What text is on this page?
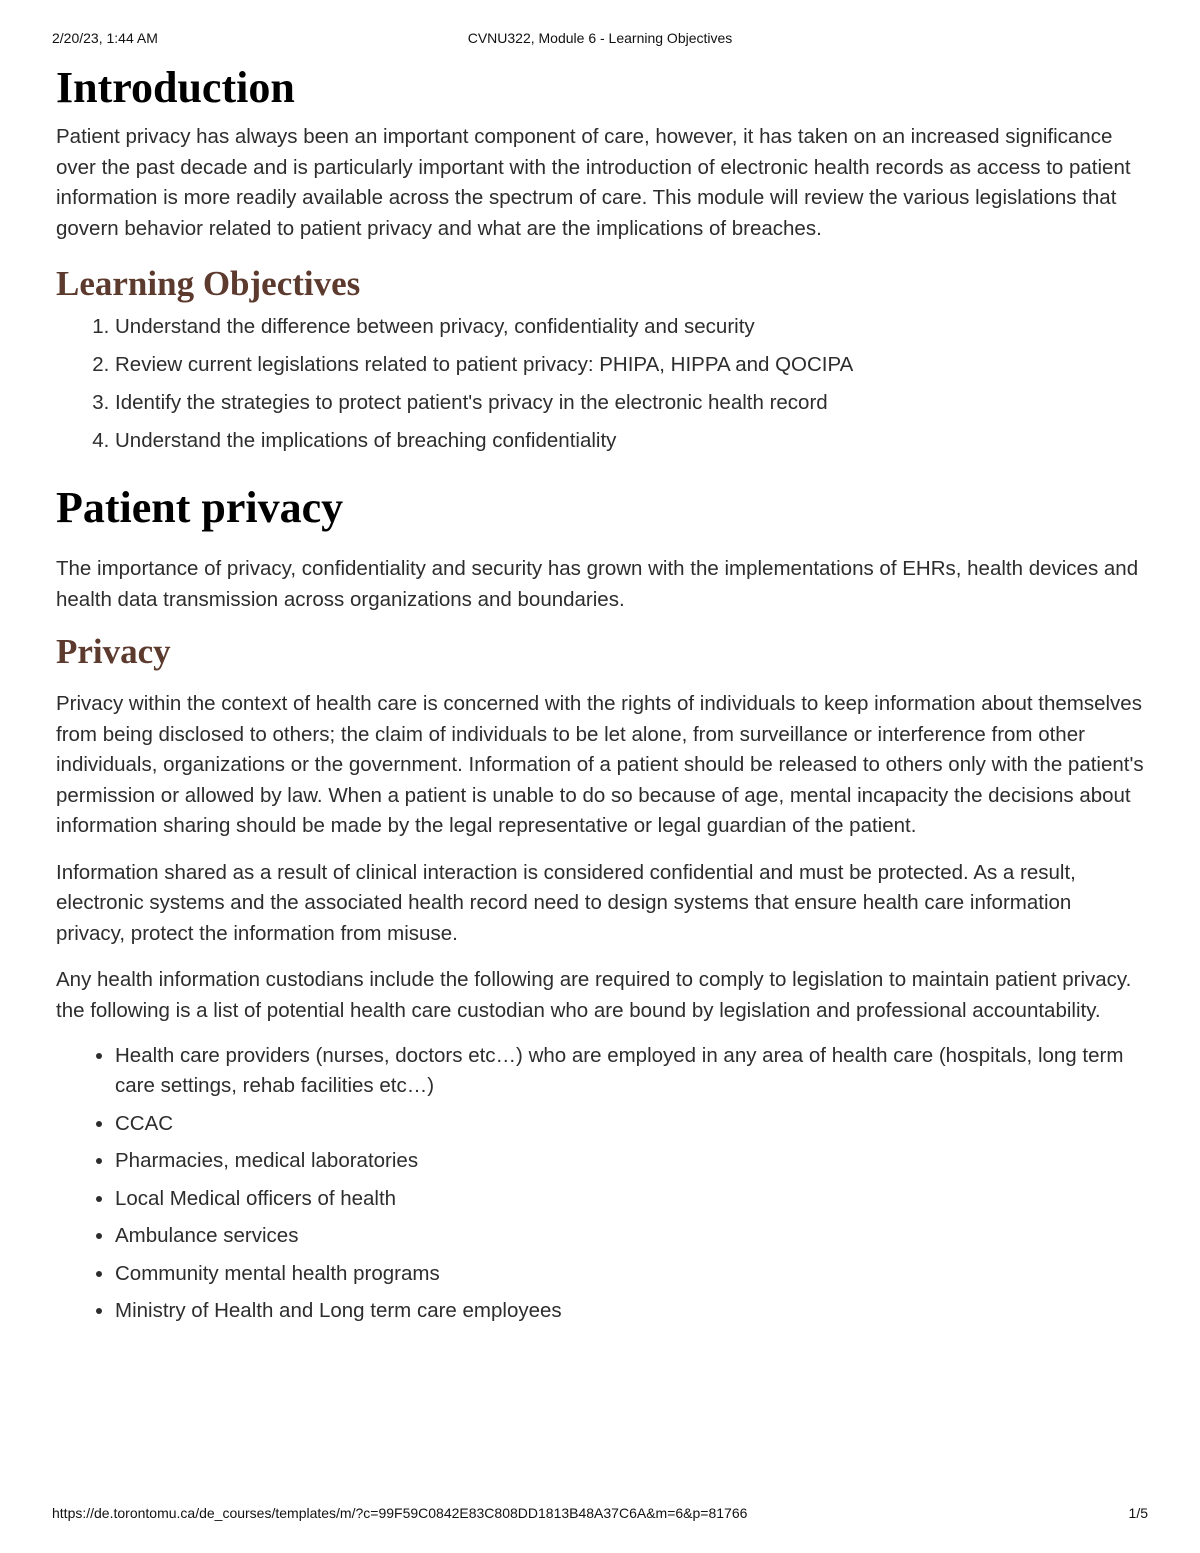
2/20/23, 1:44 AM	CVNU322, Module 6 - Learning Objectives
Introduction

Patient privacy has always been an important component of care, however, it has taken on an increased significance over the past decade and is particularly important with the introduction of electronic health records as access to patient information is more readily available across the spectrum of care. This module will review the various legislations that govern behavior related to patient privacy and what are the implications of breaches.

Learning Objectives
1. Understand the difference between privacy, confidentiality and security
2. Review current legislations related to patient privacy: PHIPA, HIPPA and QOCIPA
3. Identify the strategies to protect patient's privacy in the electronic health record
4. Understand the implications of breaching confidentiality
Patient privacy

The importance of privacy, confidentiality and security has grown with the implementations of EHRs, health devices and health data transmission across organizations and boundaries.

Privacy

Privacy within the context of health care is concerned with the rights of individuals to keep information about themselves from being disclosed to others; the claim of individuals to be let alone, from surveillance or interference from other individuals, organizations or the government. Information of a patient should be released to others only with the patient's permission or allowed by law. When a patient is unable to do so because of age, mental incapacity the decisions about information sharing should be made by the legal representative or legal guardian of the patient.

Information shared as a result of clinical interaction is considered confidential and must be protected. As a result, electronic systems and the associated health record need to design systems that ensure health care information privacy, protect the information from misuse.

Any health information custodians include the following are required to comply to legislation to maintain patient privacy. the following is a list of potential health care custodian who are bound by legislation and professional accountability.

• Health care providers (nurses, doctors etc…) who are employed in any area of health care (hospitals, long term care settings, rehab facilities etc…)
• CCAC
• Pharmacies, medical laboratories
• Local Medical officers of health
• Ambulance services
• Community mental health programs
• Ministry of Health and Long term care employees
https://de.torontomu.ca/de_courses/templates/m/?c=99F59C0842E83C808DD1813B48A37C6A&m=6&p=81766	1/5
